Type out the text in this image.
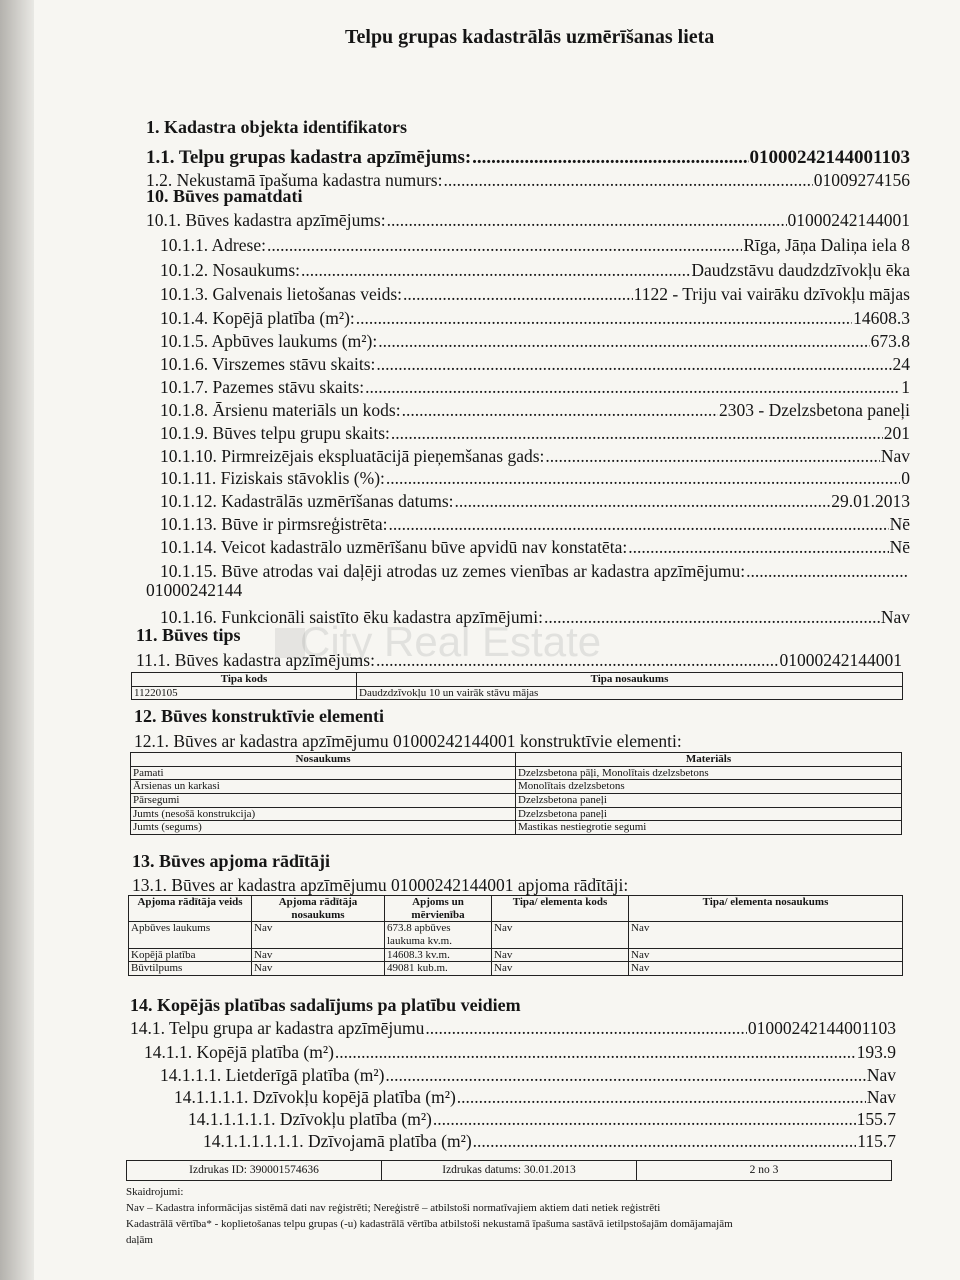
Telpu grupas kadastrālās uzmērīšanas lieta
1. Kadastra objekta identifikators
1.1. Telpu grupas kadastra apzīmējums: .....	01000242144001103
1.2. Nekustamā īpašuma kadastra numurs: .....	01009274156
10. Būves pamatdati
10.1. Būves kadastra apzīmējums: .....	01000242144001
10.1.1. Adrese: .....	Rīga, Jāņa Daliņa iela 8
10.1.2. Nosaukums: .....	Daudzstāvu daudzdzīvokļu ēka
10.1.3. Galvenais lietošanas veids: .....	1122 - Triju vai vairāku dzīvokļu mājas
10.1.4. Kopējā platība (m²): .....	14608.3
10.1.5. Apbūves laukums (m²): .....	673.8
10.1.6. Virszemes stāvu skaits: .....	24
10.1.7. Pazemes stāvu skaits: .....	1
10.1.8. Ārsienu materiāls un kods: .....	2303 - Dzelzsbetona paneļi
10.1.9. Būves telpu grupu skaits: .....	201
10.1.10. Pirmreizējais ekspluatācijā pieņemšanas gads: .....	Nav
10.1.11. Fiziskais stāvoklis (%): .....	0
10.1.12. Kadastrālās uzmērīšanas datums: .....	29.01.2013
10.1.13. Būve ir pirmsreģistrēta: .....	Nē
10.1.14. Veicot kadastrālo uzmērīšanu būve apvidū nav konstatēta: .....	Nē
10.1.15. Būve atrodas vai daļēji atrodas uz zemes vienības ar kadastra apzīmējumu:
.....
01000242144
10.1.16. Funkcionāli saistīto ēku kadastra apzīmējumi: .....	Nav
City Real Estate
11. Būves tips
11.1. Būves kadastra apzīmējums: .....	01000242144001
Tipa kods	Tipa nosaukums
11220105	Daudzdzīvokļu 10 un vairāk stāvu mājas
12. Būves konstruktīvie elementi
12.1. Būves ar kadastra apzīmējumu 01000242144001 konstruktīvie elementi:
Nosaukums	Materiāls
Pamati	Dzelzsbetona pāļi, Monolītais dzelzsbetons
Ārsienas un karkasi	Monolītais dzelzsbetons
Pārsegumi	Dzelzsbetona paneļi
Jumts (nesošā konstrukcija)	Dzelzsbetona paneļi
Jumts (segums)	Mastikas nestiegrotie segumi
13. Būves apjoma rādītāji
13.1. Būves ar kadastra apzīmējumu 01000242144001 apjoma rādītāji:
Apjoma rādītāja veids	Apjoma rādītāja nosaukums	Apjoms un mērvienība	Tipa/ elementa kods	Tipa/ elementa nosaukums
Apbūves laukums	Nav	673.8 apbūves laukuma kv.m.	Nav	Nav
Kopējā platība	Nav	14608.3 kv.m.	Nav	Nav
Būvtilpums	Nav	49081 kub.m.	Nav	Nav
14. Kopējās platības sadalījums pa platību veidiem
14.1. Telpu grupa ar kadastra apzīmējumu .....	01000242144001103
14.1.1. Kopējā platība (m²) .....	193.9
14.1.1.1. Lietderīgā platība (m²) .....	Nav
14.1.1.1.1. Dzīvokļu kopējā platība (m²) .....	Nav
14.1.1.1.1.1. Dzīvokļu platība (m²) .....	155.7
14.1.1.1.1.1.1. Dzīvojamā platība (m²) .....	115.7
Izdrukas ID: 390001574636	Izdrukas datums: 30.01.2013	2 no 3
Skaidrojumi:
Nav – Kadastra informācijas sistēmā dati nav reģistrēti; Nereģistrē – atbilstoši normatīvajiem aktiem dati netiek reģistrēti
Kadastrālā vērtība* - koplietošanas telpu grupas (-u) kadastrālā vērtība atbilstoši nekustamā īpašuma sastāvā ietilpstošajām domājamajām
daļām
